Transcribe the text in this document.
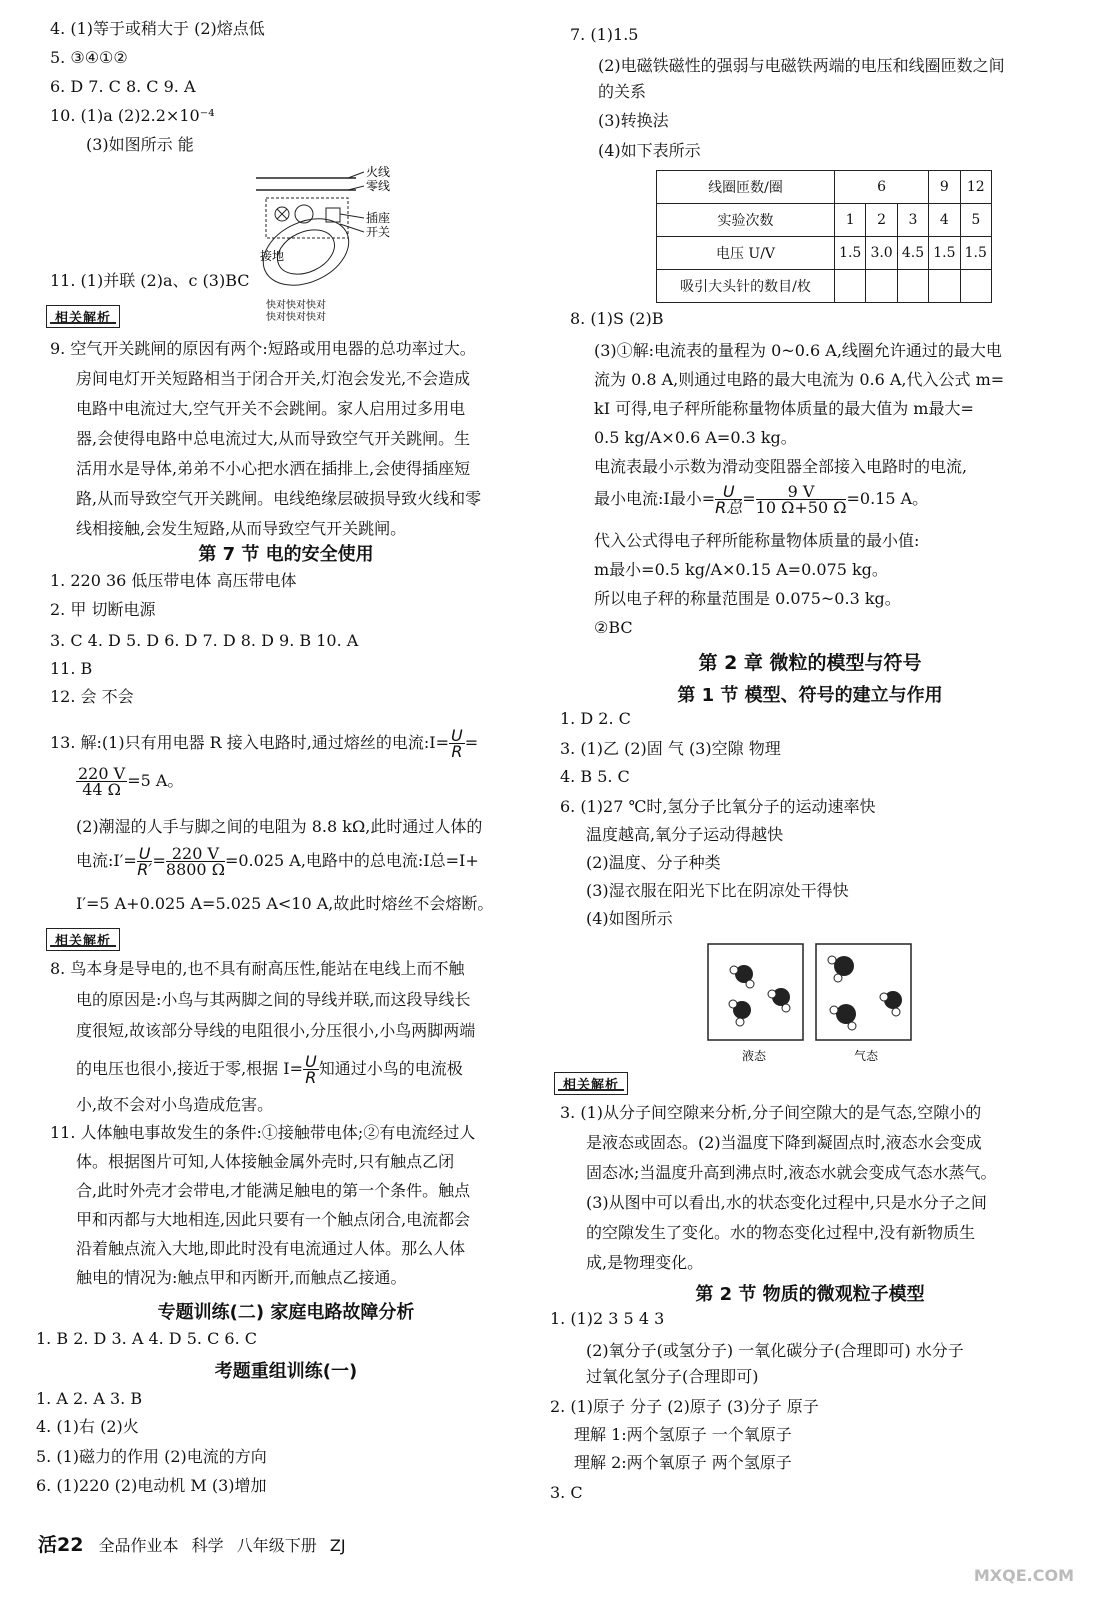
4. (1)等于或稍大于 (2)熔点低
5. ③④①②
6. D 7. C 8. C 9. A
10. (1)a (2)2.2×10⁻⁴
(3)如图所示 能
火线
零线
插座
开关
接地
快对快对快对
快对快对快对
11. (1)并联 (2)a、c (3)BC
相关解析
9. 空气开关跳闸的原因有两个:短路或用电器的总功率过大。
房间电灯开关短路相当于闭合开关,灯泡会发光,不会造成
电路中电流过大,空气开关不会跳闸。家人启用过多用电
器,会使得电路中总电流过大,从而导致空气开关跳闸。生
活用水是导体,弟弟不小心把水洒在插排上,会使得插座短
路,从而导致空气开关跳闸。电线绝缘层破损导致火线和零
线相接触,会发生短路,从而导致空气开关跳闸。
第 7 节 电的安全使用
1. 220 36 低压带电体 高压带电体
2. 甲 切断电源
3. C 4. D 5. D 6. D 7. D 8. D 9. B 10. A
11. B
12. 会 不会
13. 解:(1)只有用电器 R 接入电路时,通过熔丝的电流:I= $\frac{U}{R}$ =
$\frac{220 V}{44 \Omega} =5$ A。
(2)潮湿的人手与脚之间的电阻为 8.8 kΩ,此时通过人体的
电流:I′= $\frac{U}{R'} = \frac{220 V}{8800 \Omega} =0.025$ A,电路中的总电流:I总=I+
I′=5 A+0.025 A=5.025 A<10 A,故此时熔丝不会熔断。
相关解析
8. 鸟本身是导电的,也不具有耐高压性,能站在电线上而不触
电的原因是:小鸟与其两脚之间的导线并联,而这段导线长
度很短,故该部分导线的电阻很小,分压很小,小鸟两脚两端
的电压也很小,接近于零,根据 $I= \frac{U}{R}$ 知通过小鸟的电流极
小,故不会对小鸟造成危害。
11. 人体触电事故发生的条件:①接触带电体;②有电流经过人
体。根据图片可知,人体接触金属外壳时,只有触点乙闭
合,此时外壳才会带电,才能满足触电的第一个条件。触点
甲和丙都与大地相连,因此只要有一个触点闭合,电流都会
沿着触点流入大地,即此时没有电流通过人体。那么人体
触电的情况为:触点甲和丙断开,而触点乙接通。
专题训练(二) 家庭电路故障分析
1. B 2. D 3. A 4. D 5. C 6. C
考题重组训练(一)
1. A 2. A 3. B
4. (1)右 (2)火
5. (1)磁力的作用 (2)电流的方向
6. (1)220 (2)电动机 M (3)增加
7. (1)1.5
(2)电磁铁磁性的强弱与电磁铁两端的电压和线圈匝数之间
的关系
(3)转换法
(4)如下表所示
线圈匝数/圈	6			9	12
实验次数	1	2	3	4	5
电压 U/V	1.5	3.0	4.5	1.5	1.5
吸引大头针的数目/枚					
8. (1)S (2)B
(3)①解:电流表的量程为 0~0.6 A,线圈允许通过的最大电
流为 0.8 A,则通过电路的最大电流为 0.6 A,代入公式 m=
kI 可得,电子秤所能称量物体质量的最大值为 m最大=
0.5 kg/A×0.6 A=0.3 kg。
电流表最小示数为滑动变阻器全部接入电路时的电流,
最小电流:I最小= $\frac{U}{\text{R总}} = \frac{9 V}{10 \Omega+50 \Omega} =0.15$ A。
代入公式得电子秤所能称量物体质量的最小值:
m最小=0.5 kg/A×0.15 A=0.075 kg。
所以电子秤的称量范围是 0.075~0.3 kg。
②BC
第 2 章 微粒的模型与符号
第 1 节 模型、符号的建立与作用
1. D 2. C
3. (1)乙 (2)固 气 (3)空隙 物理
4. B 5. C
6. (1)27 ℃时,氢分子比氧分子的运动速率快
温度越高,氧分子运动得越快
(2)温度、分子种类
(3)湿衣服在阳光下比在阴凉处干得快
(4)如图所示
液态	气态
相关解析
3. (1)从分子间空隙来分析,分子间空隙大的是气态,空隙小的
是液态或固态。(2)当温度下降到凝固点时,液态水会变成
固态冰;当温度升高到沸点时,液态水就会变成气态水蒸气。
(3)从图中可以看出,水的状态变化过程中,只是水分子之间
的空隙发生了变化。水的物态变化过程中,没有新物质生
成,是物理变化。
第 2 节 物质的微观粒子模型
1. (1)2 3 5 4 3
(2)氧分子(或氢分子) 一氧化碳分子(合理即可) 水分子
过氧化氢分子(合理即可)
2. (1)原子 分子 (2)原子 (3)分子 原子
理解 1:两个氢原子 一个氧原子
理解 2:两个氧原子 两个氢原子
3. C
活22 全品作业本 科学 八年级下册 ZJ
MXQE.COM
